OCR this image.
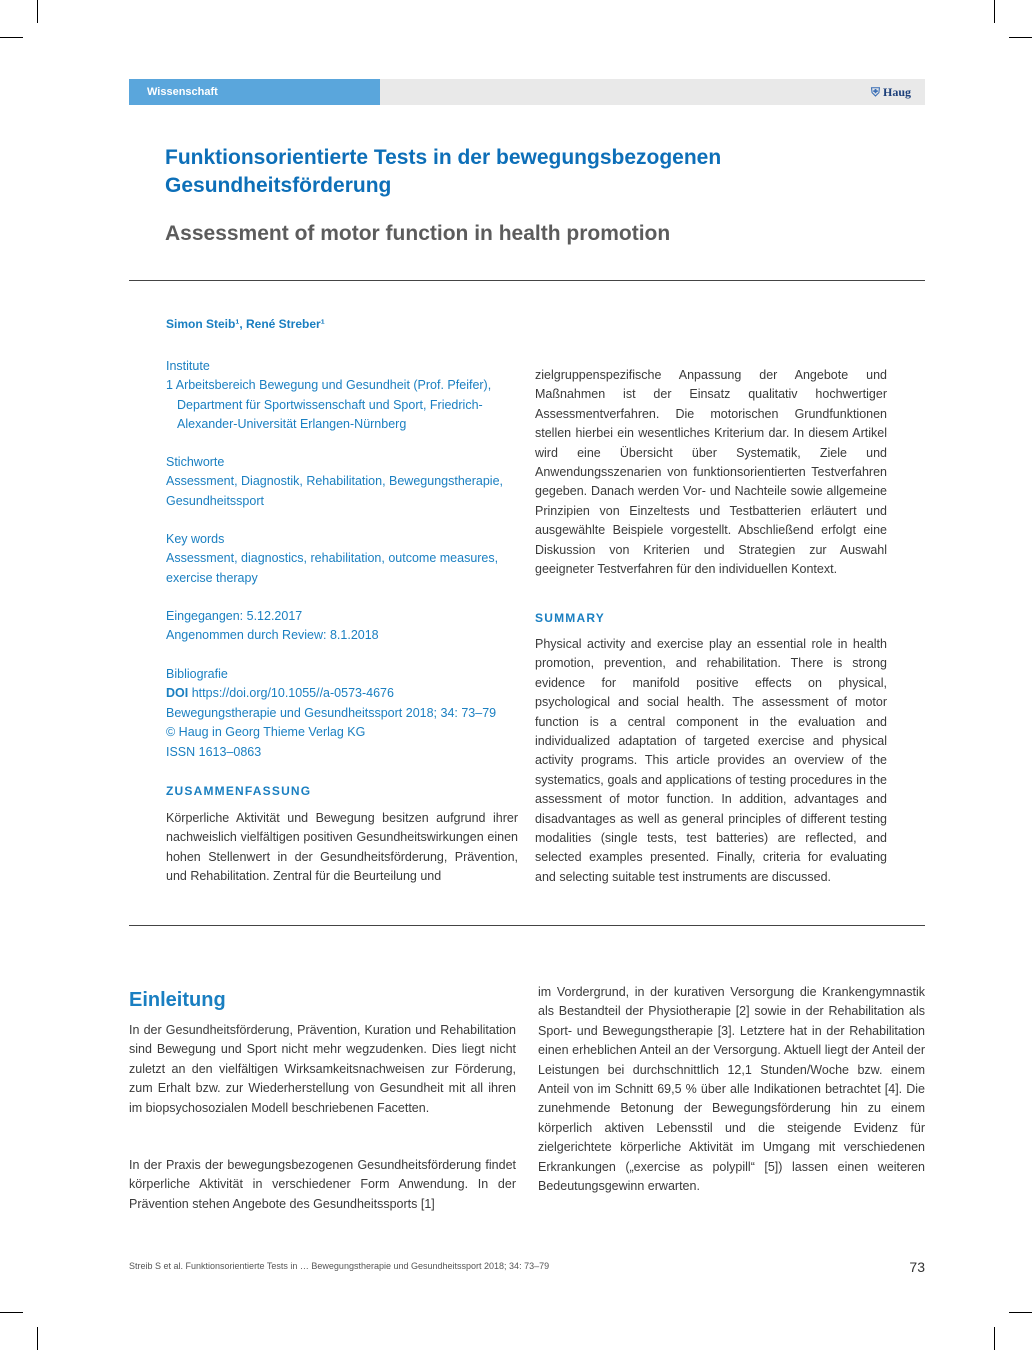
Wissenschaft	⛨ Haug
Funktionsorientierte Tests in der bewegungsbezogenen Gesundheitsförderung
Assessment of motor function in health promotion
Simon Steib¹, René Streber¹
Institute

1 Arbeitsbereich Bewegung und Gesundheit (Prof. Pfeifer),

Department für Sportwissenschaft und Sport, Friedrich-

Alexander-Universität Erlangen-Nürnberg

Stichworte

Assessment, Diagnostik, Rehabilitation, Bewegungstherapie, Gesundheitssport

Key words

Assessment, diagnostics, rehabilitation, outcome measures, exercise therapy

Eingegangen: 5.12.2017

Angenommen durch Review: 8.1.2018

Bibliografie

DOI https://doi.org/10.1055//a-0573-4676

Bewegungstherapie und Gesundheitssport 2018; 34: 73–79

© Haug in Georg Thieme Verlag KG

ISSN 1613–0863

ZUSAMMENFASSUNG

Körperliche Aktivität und Bewegung besitzen aufgrund ihrer nachweislich vielfältigen positiven Gesundheitswirkungen einen hohen Stellenwert in der Gesundheitsförderung, Prävention, und Rehabilitation. Zentral für die Beurteilung und

zielgruppenspezifische Anpassung der Angebote und Maßnahmen ist der Einsatz qualitativ hochwertiger Assessmentverfahren. Die motorischen Grundfunktionen stellen hierbei ein wesentliches Kriterium dar. In diesem Artikel wird eine Übersicht über Systematik, Ziele und Anwendungsszenarien von funktionsorientierten Testverfahren gegeben. Danach werden Vor- und Nachteile sowie allgemeine Prinzipien von Einzeltests und Testbatterien erläutert und ausgewählte Beispiele vorgestellt. Abschließend erfolgt eine Diskussion von Kriterien und Strategien zur Auswahl geeigneter Testverfahren für den individuellen Kontext.

SUMMARY

Physical activity and exercise play an essential role in health promotion, prevention, and rehabilitation. There is strong evidence for manifold positive effects on physical, psychological and social health. The assessment of motor function is a central component in the evaluation and individualized adaptation of targeted exercise and physical activity programs. This article provides an overview of the systematics, goals and applications of testing procedures in the assessment of motor function. In addition, advantages and disadvantages as well as general principles of different testing modalities (single tests, test batteries) are reflected, and selected examples presented. Finally, criteria for evaluating and selecting suitable test instruments are discussed.

Einleitung

In der Gesundheitsförderung, Prävention, Kuration und Rehabilitation sind Bewegung und Sport nicht mehr wegzudenken. Dies liegt nicht zuletzt an den vielfältigen Wirksamkeitsnachweisen zur Förderung, zum Erhalt bzw. zur Wiederherstellung von Gesundheit mit all ihren im biopsychosozialen Modell beschriebenen Facetten.

In der Praxis der bewegungsbezogenen Gesundheitsförderung findet körperliche Aktivität in verschiedener Form Anwendung. In der Prävention stehen Angebote des Gesundheitssports [1]

im Vordergrund, in der kurativen Versorgung die Krankengymnastik als Bestandteil der Physiotherapie [2] sowie in der Rehabilitation als Sport- und Bewegungstherapie [3]. Letztere hat in der Rehabilitation einen erheblichen Anteil an der Versorgung. Aktuell liegt der Anteil der Leistungen bei durchschnittlich 12,1 Stunden/Woche bzw. einem Anteil von im Schnitt 69,5 % über alle Indikationen betrachtet [4]. Die zunehmende Betonung der Bewegungsförderung hin zu einem körperlich aktiven Lebensstil und die steigende Evidenz für zielgerichtete körperliche Aktivität im Umgang mit verschiedenen Erkrankungen („exercise as polypill“ [5]) lassen einen weiteren Bedeutungsgewinn erwarten.

Streib S et al. Funktionsorientierte Tests in … Bewegungstherapie und Gesundheitssport 2018; 34: 73–79	73
